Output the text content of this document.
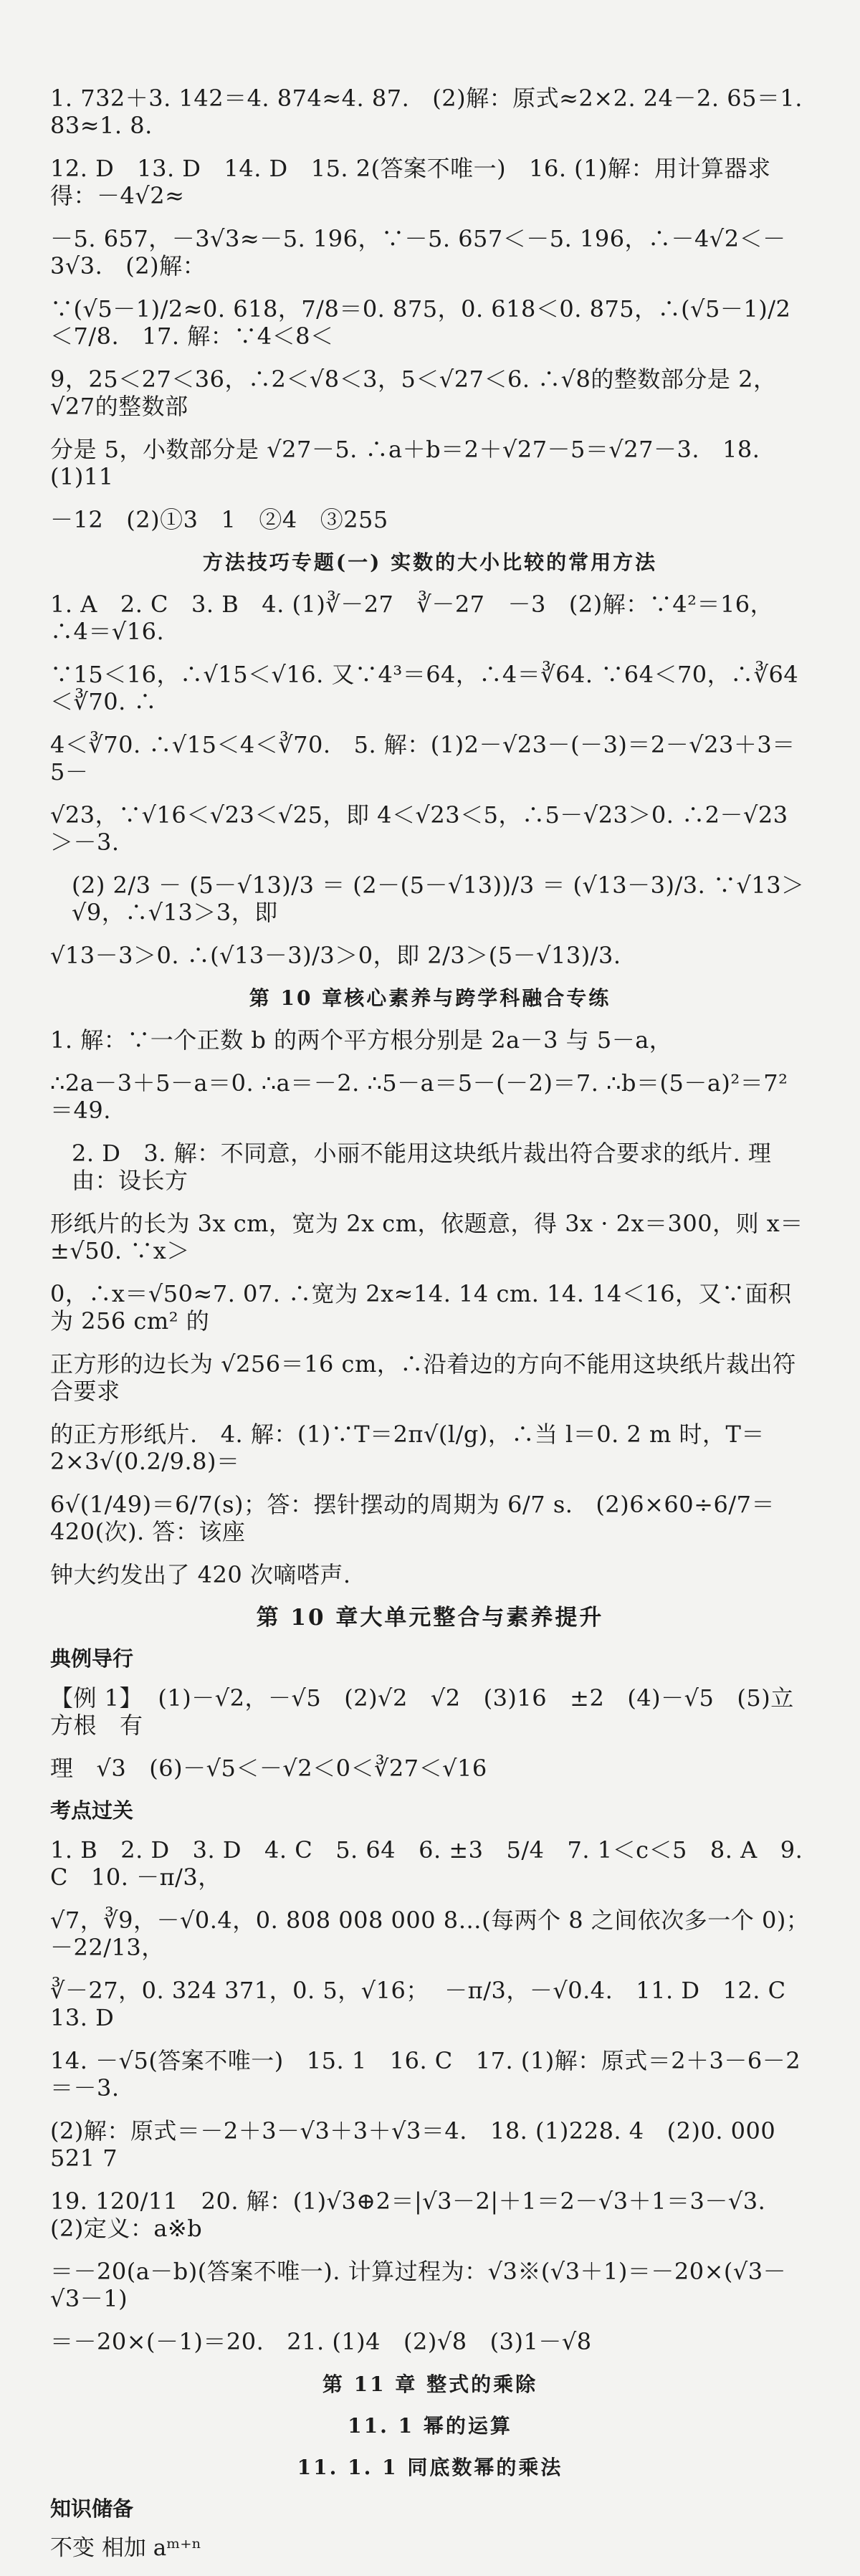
1. 732＋3. 142＝4. 874≈4. 87.   (2)解：原式≈2×2. 24－2. 65＝1. 83≈1. 8.

12. D   13. D   14. D   15. 2(答案不唯一)   16. (1)解：用计算器求得：－4√2≈

－5. 657，－3√3≈－5. 196，∵－5. 657＜－5. 196，∴－4√2＜－3√3.   (2)解：

∵(√5－1)/2≈0. 618，7/8＝0. 875，0. 618＜0. 875，∴(√5－1)/2＜7/8.   17. 解：∵4＜8＜

9，25＜27＜36，∴2＜√8＜3，5＜√27＜6. ∴√8的整数部分是 2，√27的整数部

分是 5，小数部分是 √27－5. ∴a＋b＝2＋√27－5＝√27－3.   18. (1)11

－12   (2)①3   1   ②4   ③255

方法技巧专题(一) 实数的大小比较的常用方法

1. A   2. C   3. B   4. (1)∛－27   ∛－27   －3   (2)解：∵4²＝16，∴4＝√16.

∵15＜16，∴√15＜√16. 又∵4³＝64，∴4＝∛64. ∵64＜70，∴∛64＜∛70. ∴

4＜∛70. ∴√15＜4＜∛70.   5. 解：(1)2－√23－(－3)＝2－√23＋3＝5－

√23，∵√16＜√23＜√25，即 4＜√23＜5，∴5－√23＞0. ∴2－√23＞－3.

(2) 2/3 － (5－√13)/3 ＝ (2－(5－√13))/3 ＝ (√13－3)/3. ∵√13＞√9，∴√13＞3，即

√13－3＞0. ∴(√13－3)/3＞0，即 2/3＞(5－√13)/3.

第 10 章核心素养与跨学科融合专练

1. 解：∵一个正数 b 的两个平方根分别是 2a－3 与 5－a，

∴2a－3＋5－a＝0. ∴a＝－2. ∴5－a＝5－(－2)＝7. ∴b＝(5－a)²＝7²＝49.

2. D   3. 解：不同意，小丽不能用这块纸片裁出符合要求的纸片. 理由：设长方

形纸片的长为 3x cm，宽为 2x cm，依题意，得 3x · 2x＝300，则 x＝±√50. ∵x＞

0，∴x＝√50≈7. 07. ∴宽为 2x≈14. 14 cm. 14. 14＜16，又∵面积为 256 cm² 的

正方形的边长为 √256＝16 cm，∴沿着边的方向不能用这块纸片裁出符合要求

的正方形纸片.   4. 解：(1)∵T＝2π√(l/g)，∴当 l＝0. 2 m 时，T＝2×3√(0.2/9.8)＝

6√(1/49)＝6/7(s)；答：摆针摆动的周期为 6/7 s.   (2)6×60÷6/7＝420(次). 答：该座

钟大约发出了 420 次嘀嗒声.

第 10 章大单元整合与素养提升
典例导行

【例 1】  (1)－√2，－√5   (2)√2   √2   (3)16   ±2   (4)－√5   (5)立方根   有

理   √3   (6)－√5＜－√2＜0＜∛27＜√16

考点过关

1. B   2. D   3. D   4. C   5. 64   6. ±3   5/4   7. 1＜c＜5   8. A   9. C   10. －π/3，

√7，∛9，－√0.4，0. 808 008 000 8…(每两个 8 之间依次多一个 0)；  －22/13，

∛－27，0. 324 371，0. 5，√16；  －π/3，－√0.4.   11. D   12. C   13. D

14. －√5(答案不唯一)   15. 1   16. C   17. (1)解：原式＝2＋3－6－2＝－3.

(2)解：原式＝－2＋3－√3＋3＋√3＝4.   18. (1)228. 4   (2)0. 000 521 7

19. 120/11   20. 解：(1)√3⊕2＝|√3－2|＋1＝2－√3＋1＝3－√3.   (2)定义：a※b

＝－20(a－b)(答案不唯一). 计算过程为：√3※(√3＋1)＝－20×(√3－√3－1)

＝－20×(－1)＝20.   21. (1)4   (2)√8   (3)1－√8

第 11 章 整式的乘除
11. 1 幂的运算
11. 1. 1 同底数幂的乘法
知识储备

不变 相加 aᵐ⁺ⁿ
